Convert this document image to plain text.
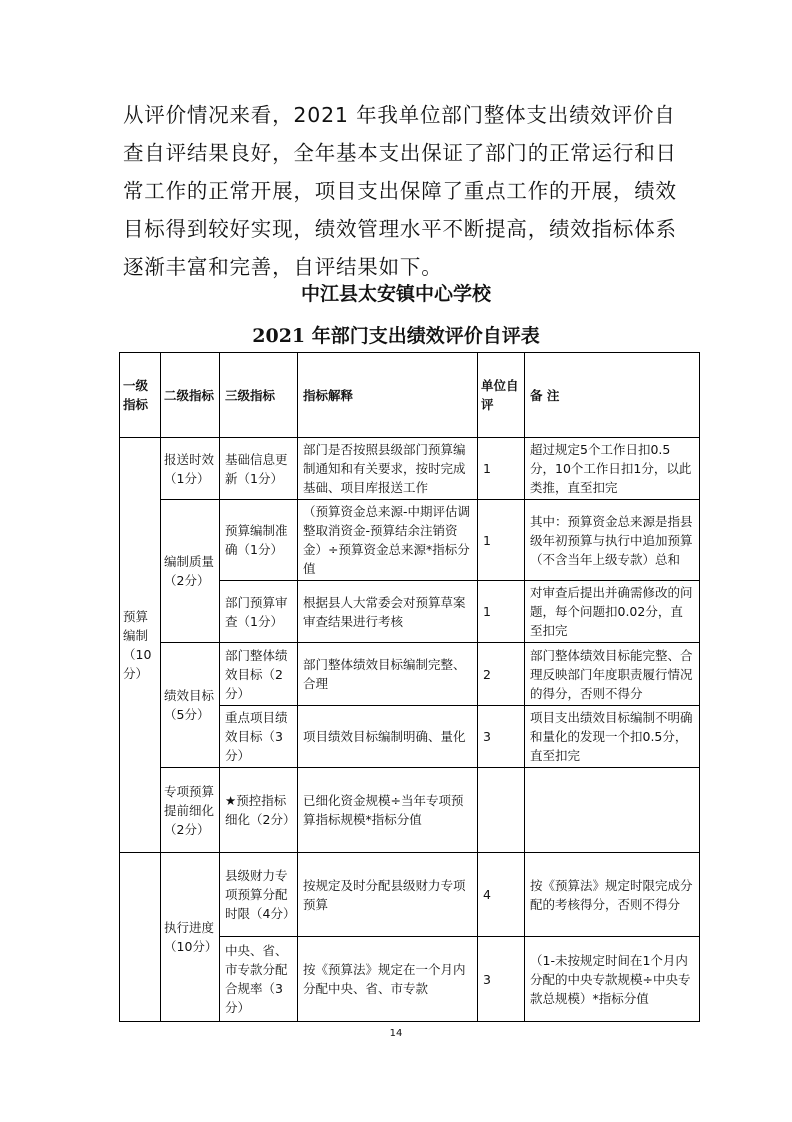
从评价情况来看，2021 年我单位部门整体支出绩效评价自查自评结果良好，全年基本支出保证了部门的正常运行和日常工作的正常开展，项目支出保障了重点工作的开展，绩效目标得到较好实现，绩效管理水平不断提高，绩效指标体系逐渐丰富和完善，自评结果如下。

中江县太安镇中心学校

2021 年部门支出绩效评价自评表

一级指标	二级指标	三级指标	指标解释	单位自评	备 注
预算编制（10分）	报送时效（1分）	基础信息更新（1分）	部门是否按照县级部门预算编制通知和有关要求，按时完成基础、项目库报送工作	1	超过规定5个工作日扣0.5分，10个工作日扣1分，以此类推，直至扣完
	编制质量（2分）	预算编制准确（1分）	（预算资金总来源-中期评估调整取消资金-预算结余注销资金）÷预算资金总来源*指标分值	1	其中：预算资金总来源是指县级年初预算与执行中追加预算（不含当年上级专款）总和
		部门预算审查（1分）	根据县人大常委会对预算草案审查结果进行考核	1	对审查后提出并确需修改的问题，每个问题扣0.02分，直至扣完
	绩效目标（5分）	部门整体绩效目标（2分）	部门整体绩效目标编制完整、合理	2	部门整体绩效目标能完整、合理反映部门年度职责履行情况的得分，否则不得分
		重点项目绩效目标（3分）	项目绩效目标编制明确、量化	3	项目支出绩效目标编制不明确和量化的发现一个扣0.5分，直至扣完
	专项预算提前细化（2分）	★预控指标细化（2分）	已细化资金规模÷当年专项预算指标规模*指标分值		
	执行进度（10分）	县级财力专项预算分配时限（4分）	按规定及时分配县级财力专项预算	4	按《预算法》规定时限完成分配的考核得分，否则不得分
		中央、省、市专款分配合规率（3分）	按《预算法》规定在一个月内分配中央、省、市专款	3	（1-未按规定时间在1个月内分配的中央专款规模÷中央专款总规模）*指标分值
14
